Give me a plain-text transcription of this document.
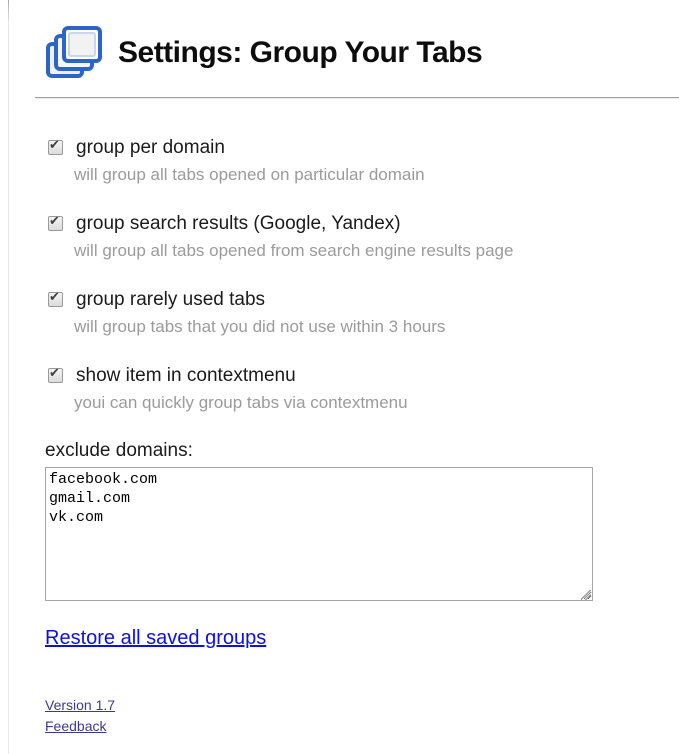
Settings: Group Your Tabs
✔
group per domain
will group all tabs opened on particular domain
✔
group search results (Google, Yandex)
will group all tabs opened from search engine results page
✔
group rarely used tabs
will group tabs that you did not use within 3 hours
✔
show item in contextmenu
youi can quickly group tabs via contextmenu
exclude domains:
facebook.com gmail.com vk.com
Restore all saved groups
Version 1.7
Feedback
